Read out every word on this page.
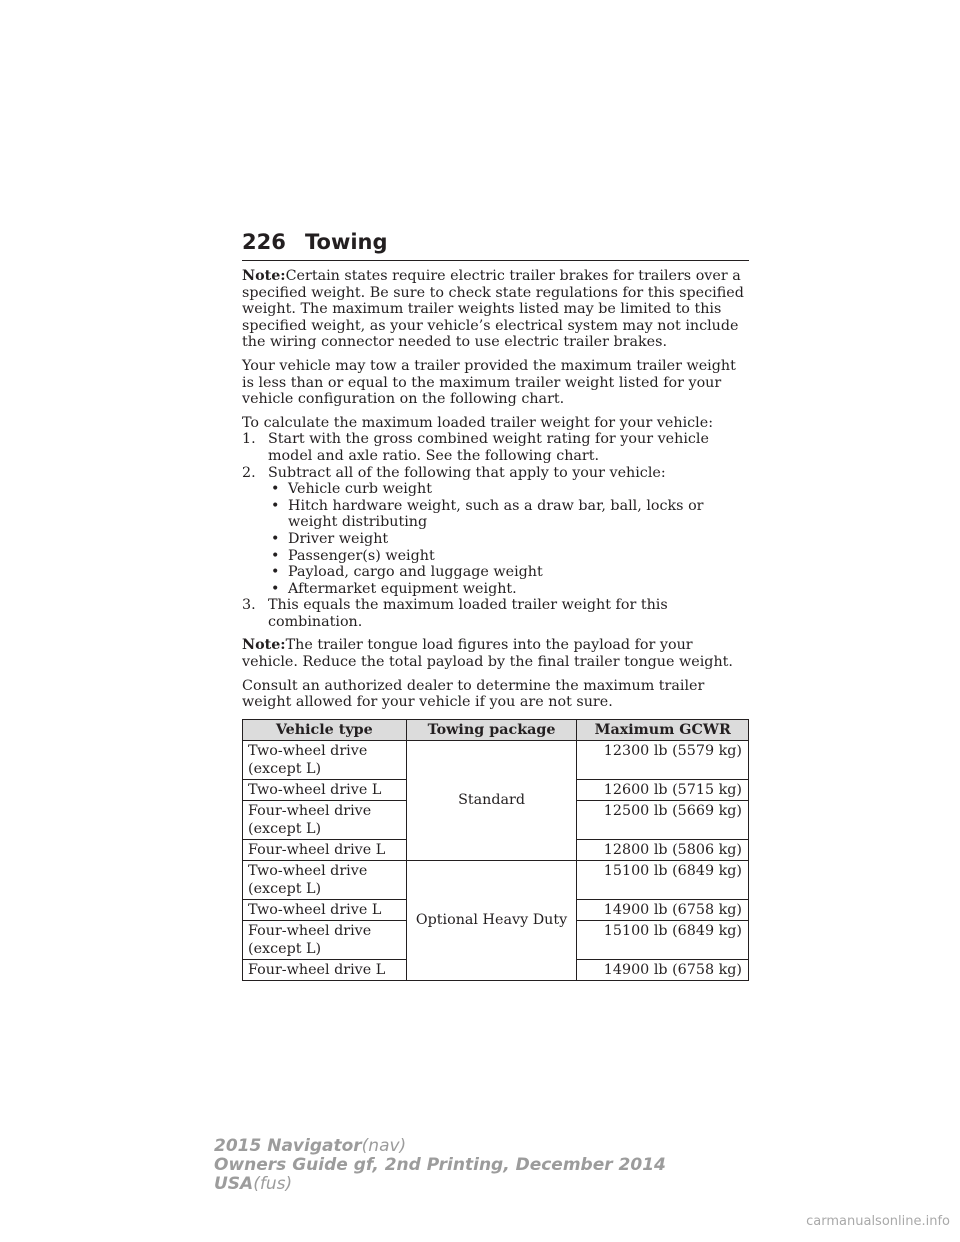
226 Towing

Note:Certain states require electric trailer brakes for trailers over a specified weight. Be sure to check state regulations for this specified weight. The maximum trailer weights listed may be limited to this specified weight, as your vehicle’s electrical system may not include the wiring connector needed to use electric trailer brakes.

Your vehicle may tow a trailer provided the maximum trailer weight is less than or equal to the maximum trailer weight listed for your vehicle configuration on the following chart.

To calculate the maximum loaded trailer weight for your vehicle:

1. Start with the gross combined weight rating for your vehicle model and axle ratio. See the following chart.
2. Subtract all of the following that apply to your vehicle:
• Vehicle curb weight
• Hitch hardware weight, such as a draw bar, ball, locks or weight distributing
• Driver weight
• Passenger(s) weight
• Payload, cargo and luggage weight
• Aftermarket equipment weight.
3. This equals the maximum loaded trailer weight for this combination.

Note:The trailer tongue load figures into the payload for your vehicle. Reduce the total payload by the final trailer tongue weight.

Consult an authorized dealer to determine the maximum trailer weight allowed for your vehicle if you are not sure.

Vehicle type	Towing package	Maximum GCWR
Two-wheel drive (except L)	Standard	12300 lb (5579 kg)
Two-wheel drive L		12600 lb (5715 kg)
Four-wheel drive (except L)		12500 lb (5669 kg)
Four-wheel drive L		12800 lb (5806 kg)
Two-wheel drive (except L)	Optional Heavy Duty	15100 lb (6849 kg)
Two-wheel drive L		14900 lb (6758 kg)
Four-wheel drive (except L)		15100 lb (6849 kg)
Four-wheel drive L		14900 lb (6758 kg)
2015 Navigator(nav)
Owners Guide gf, 2nd Printing, December 2014
USA(fus)
carmanualsonline.info
